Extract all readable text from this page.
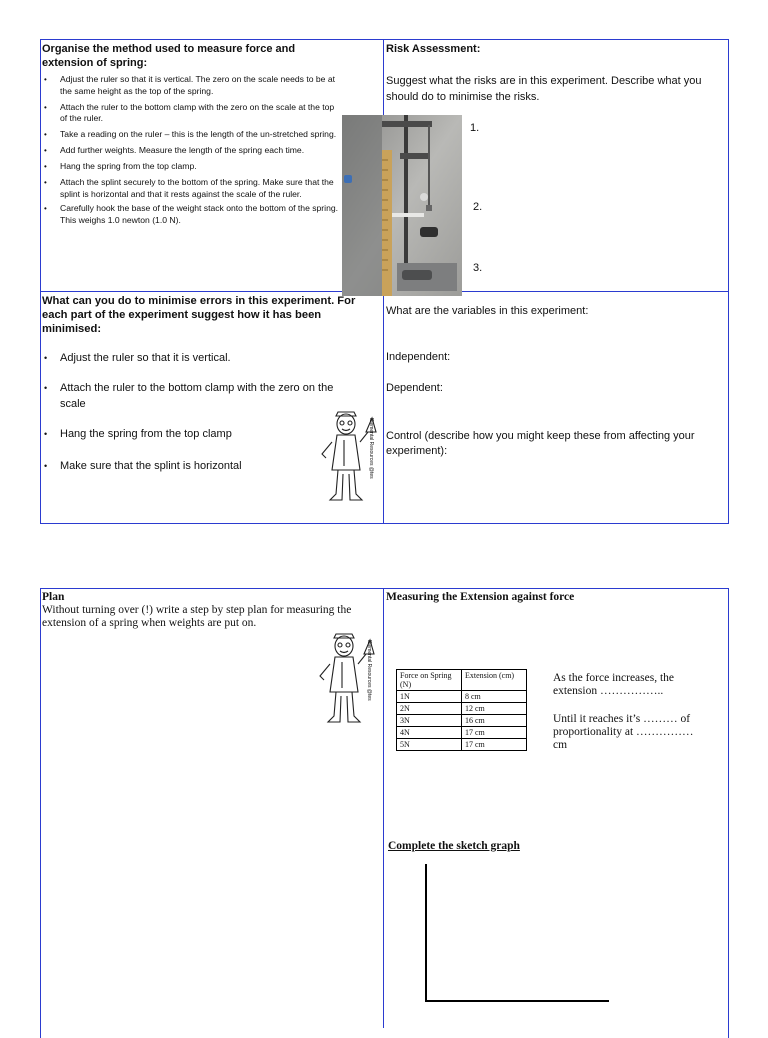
Organise the method used to measure force and extension of spring:
• Adjust the ruler so that it is vertical. The zero on the scale needs to be at the same height as the top of the spring.
• Attach the ruler to the bottom clamp with the zero on the scale at the top of the ruler.
• Take a reading on the ruler – this is the length of the un-stretched spring.
• Add further weights. Measure the length of the spring each time.
• Hang the spring from the top clamp.
• Attach the splint securely to the bottom of the spring. Make sure that the splint is horizontal and that it rests against the scale of the ruler.
• Carefully hook the base of the weight stack onto the bottom of the spring. This weighs 1.0 newton (1.0 N).
Risk Assessment:
Suggest what the risks are in this experiment. Describe what you should do to minimise the risks.
1.
2.
3.
What can you do to minimise errors in this experiment. For each part of the experiment suggest how it has been minimised:
• Adjust the ruler so that it is vertical.
• Attach the ruler to the bottom clamp with the zero on the scale
• Hang the spring from the top clamp
• Make sure that the splint is horizontal	Elemental Resources @tes
What are the variables in this experiment:
Independent:
Dependent:
Control (describe how you might keep these from affecting your experiment):
Plan
Without turning over (!) write a step by step plan for measuring the extension of a spring when weights are put on.
Elemental Resources @tes
Measuring the Extension against force
Force on Spring (N)	Extension (cm)
1N	8 cm
2N	12 cm
3N	16 cm
4N	17 cm
5N	17 cm
As the force increases, the extension ……………..
Until it reaches it’s ……… of proportionality at ……………cm
Complete the sketch graph
